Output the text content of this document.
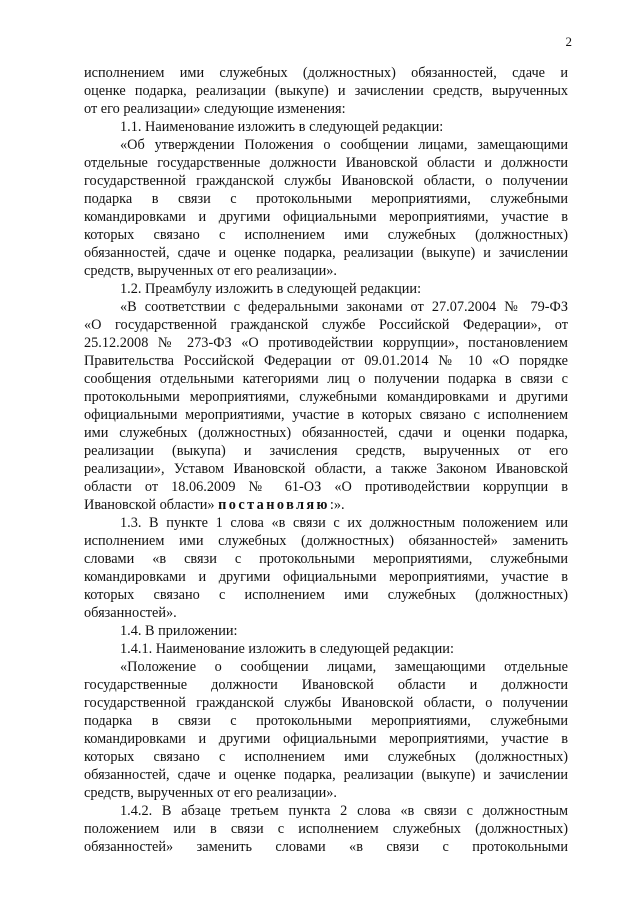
2
исполнением ими служебных (должностных) обязанностей, сдаче и
оценке подарка, реализации (выкупе) и зачислении средств, вырученных
от его реализации» следующие изменения:
1.1. Наименование изложить в следующей редакции:
«Об утверждении Положения о сообщении лицами, замещающими
отдельные государственные должности Ивановской области и должности
государственной гражданской службы Ивановской области, о получении
подарка в связи с протокольными мероприятиями, служебными
командировками и другими официальными мероприятиями, участие в
которых связано с исполнением ими служебных (должностных)
обязанностей, сдаче и оценке подарка, реализации (выкупе) и зачислении
средств, вырученных от его реализации».
1.2. Преамбулу изложить в следующей редакции:
«В соответствии с федеральными законами от 27.07.2004 № 79-ФЗ
«О государственной гражданской службе Российской Федерации», от
25.12.2008 № 273-ФЗ «О противодействии коррупции», постановлением
Правительства Российской Федерации от 09.01.2014 № 10 «О порядке
сообщения отдельными категориями лиц о получении подарка в связи с
протокольными мероприятиями, служебными командировками и другими
официальными мероприятиями, участие в которых связано с исполнением
ими служебных (должностных) обязанностей, сдачи и оценки подарка,
реализации (выкупа) и зачисления средств, вырученных от его
реализации», Уставом Ивановской области, а также Законом Ивановской
области от 18.06.2009 № 61-ОЗ «О противодействии коррупции в
Ивановской области» постановляю:».
1.3. В пункте 1 слова «в связи с их должностным положением или
исполнением ими служебных (должностных) обязанностей» заменить
словами «в связи с протокольными мероприятиями, служебными
командировками и другими официальными мероприятиями, участие в
которых связано с исполнением ими служебных (должностных)
обязанностей».
1.4. В приложении:
1.4.1. Наименование изложить в следующей редакции:
«Положение о сообщении лицами, замещающими отдельные
государственные должности Ивановской области и должности
государственной гражданской службы Ивановской области, о получении
подарка в связи с протокольными мероприятиями, служебными
командировками и другими официальными мероприятиями, участие в
которых связано с исполнением ими служебных (должностных)
обязанностей, сдаче и оценке подарка, реализации (выкупе) и зачислении
средств, вырученных от его реализации».
1.4.2. В абзаце третьем пункта 2 слова «в связи с должностным
положением или в связи с исполнением служебных (должностных)
обязанностей» заменить словами «в связи с протокольными
